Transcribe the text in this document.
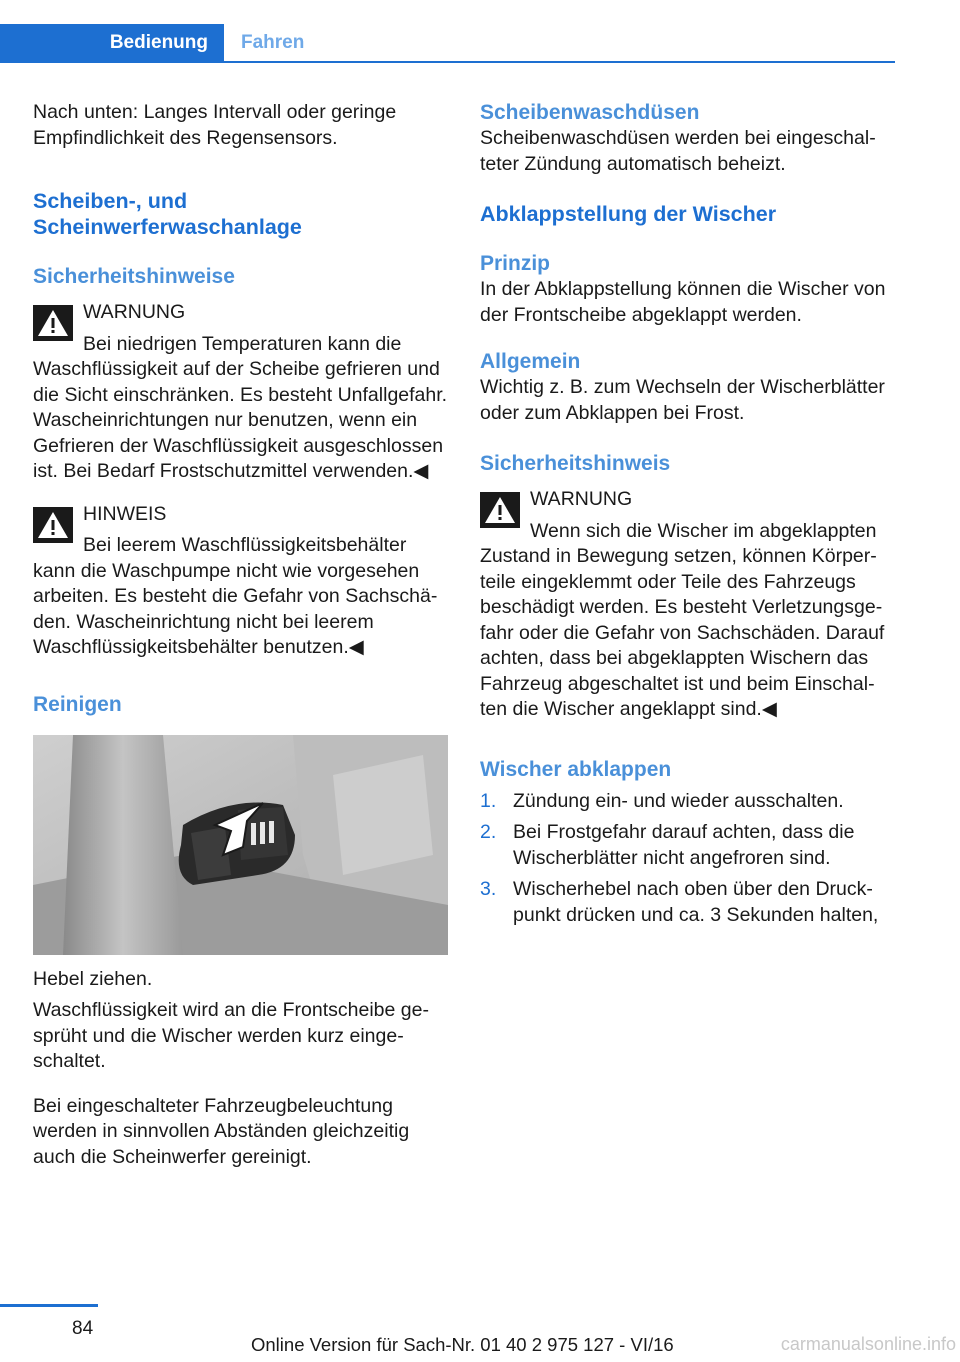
Bedienung	Fahren

Nach unten: Langes Intervall oder geringe Empfindlichkeit des Regensensors.

Scheiben-, und Scheinwerferwaschanlage
Sicherheitshinweise

WARNUNG

Bei niedrigen Temperaturen kann die

Waschflüssigkeit auf der Scheibe gefrieren und die Sicht einschränken. Es besteht Unfallgefahr. Wascheinrichtungen nur benutzen, wenn ein Gefrieren der Waschflüssigkeit ausgeschlossen ist. Bei Bedarf Frostschutzmittel verwenden.◀

HINWEIS

Bei leerem Waschflüssigkeitsbehälter

kann die Waschpumpe nicht wie vorgesehen arbeiten. Es besteht die Gefahr von Sachschäden. Wascheinrichtung nicht bei leerem Waschflüssigkeitsbehälter benutzen.◀

Reinigen

Hebel ziehen.

Waschflüssigkeit wird an die Frontscheibe gesprüht und die Wischer werden kurz eingeschaltet.

Bei eingeschalteter Fahrzeugbeleuchtung werden in sinnvollen Abständen gleichzeitig auch die Scheinwerfer gereinigt.

Scheibenwaschdüsen

Scheibenwaschdüsen werden bei eingeschalteter Zündung automatisch beheizt.

Abklappstellung der Wischer
Prinzip

In der Abklappstellung können die Wischer von der Frontscheibe abgeklappt werden.

Allgemein

Wichtig z. B. zum Wechseln der Wischerblätter oder zum Abklappen bei Frost.

Sicherheitshinweis

WARNUNG

Wenn sich die Wischer im abgeklappten

Zustand in Bewegung setzen, können Körperteile eingeklemmt oder Teile des Fahrzeugs beschädigt werden. Es besteht Verletzungsgefahr oder die Gefahr von Sachschäden. Darauf achten, dass bei abgeklappten Wischern das Fahrzeug abgeschaltet ist und beim Einschalten die Wischer angeklappt sind.◀

Wischer abklappen
1. Zündung ein- und wieder ausschalten.
2. Bei Frostgefahr darauf achten, dass die Wischerblätter nicht angefroren sind.
3. Wischerhebel nach oben über den Druckpunkt drücken und ca. 3 Sekunden halten,
84
Online Version für Sach-Nr. 01 40 2 975 127 - VI/16	carmanualsonline.info
